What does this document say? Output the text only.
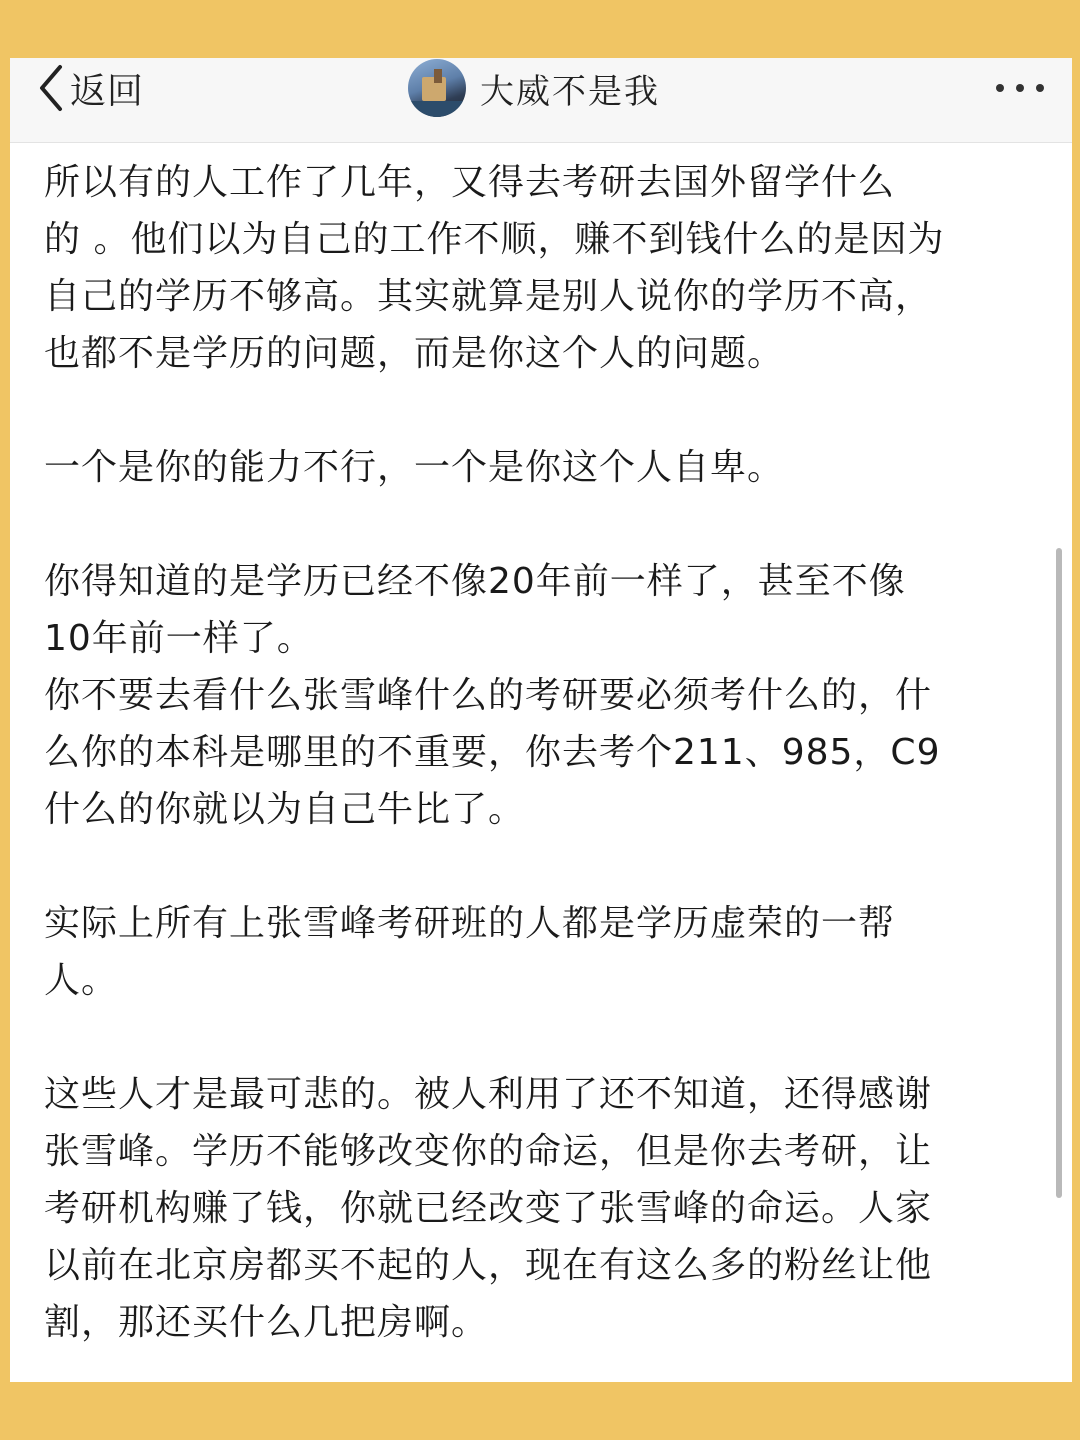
返回	大威不是我

所以有的人工作了几年，又得去考研去国外留学什么
的 。他们以为自己的工作不顺，赚不到钱什么的是因为
自己的学历不够高。其实就算是别人说你的学历不高，
也都不是学历的问题，而是你这个人的问题。

一个是你的能力不行，一个是你这个人自卑。

你得知道的是学历已经不像20年前一样了，甚至不像
10年前一样了。
你不要去看什么张雪峰什么的考研要必须考什么的，什
么你的本科是哪里的不重要，你去考个211、985，C9
什么的你就以为自己牛比了。

实际上所有上张雪峰考研班的人都是学历虚荣的一帮
人。

这些人才是最可悲的。被人利用了还不知道，还得感谢
张雪峰。学历不能够改变你的命运，但是你去考研，让
考研机构赚了钱，你就已经改变了张雪峰的命运。人家
以前在北京房都买不起的人，现在有这么多的粉丝让他
割，那还买什么几把房啊。
